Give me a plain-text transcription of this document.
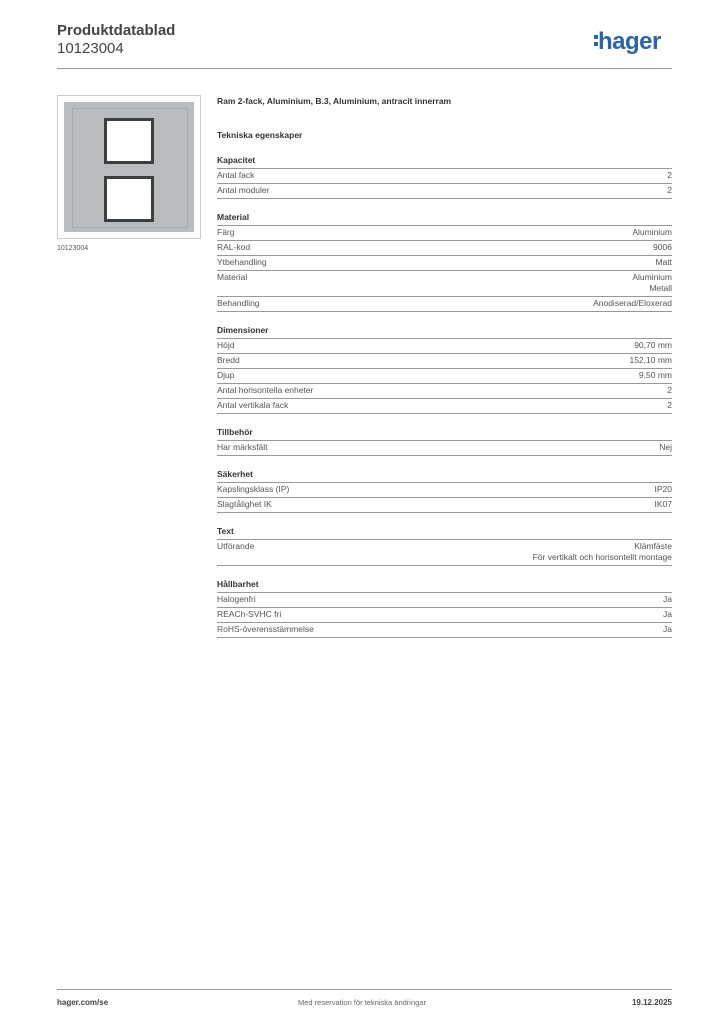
Produktdatablad
10123004	hager
10123004
Ram 2-fack, Aluminium, B.3, Aluminium, antracit innerram
Tekniska egenskaper
Kapacitet
Antal fack	2
Antal moduler	2
Material
Färg	Aluminium
RAL-kod	9006
Ytbehandling	Matt
Material	Aluminium
Metall
Behandling	Anodiserad/Eloxerad
Dimensioner
Höjd	90,70 mm
Bredd	152,10 mm
Djup	9,50 mm
Antal horisontella enheter	2
Antal vertikala fack	2
Tillbehör
Har märksfält	Nej
Säkerhet
Kapslingsklass (IP)	IP20
Slagtålighet IK	IK07
Text
Utförande	Klämfäste
För vertikalt och horisontellt montage
Hållbarhet
Halogenfri	Ja
REACh-SVHC fri	Ja
RoHS-överensstämmelse	Ja
hager.com/se	Med reservation för tekniska ändringar	19.12.2025
